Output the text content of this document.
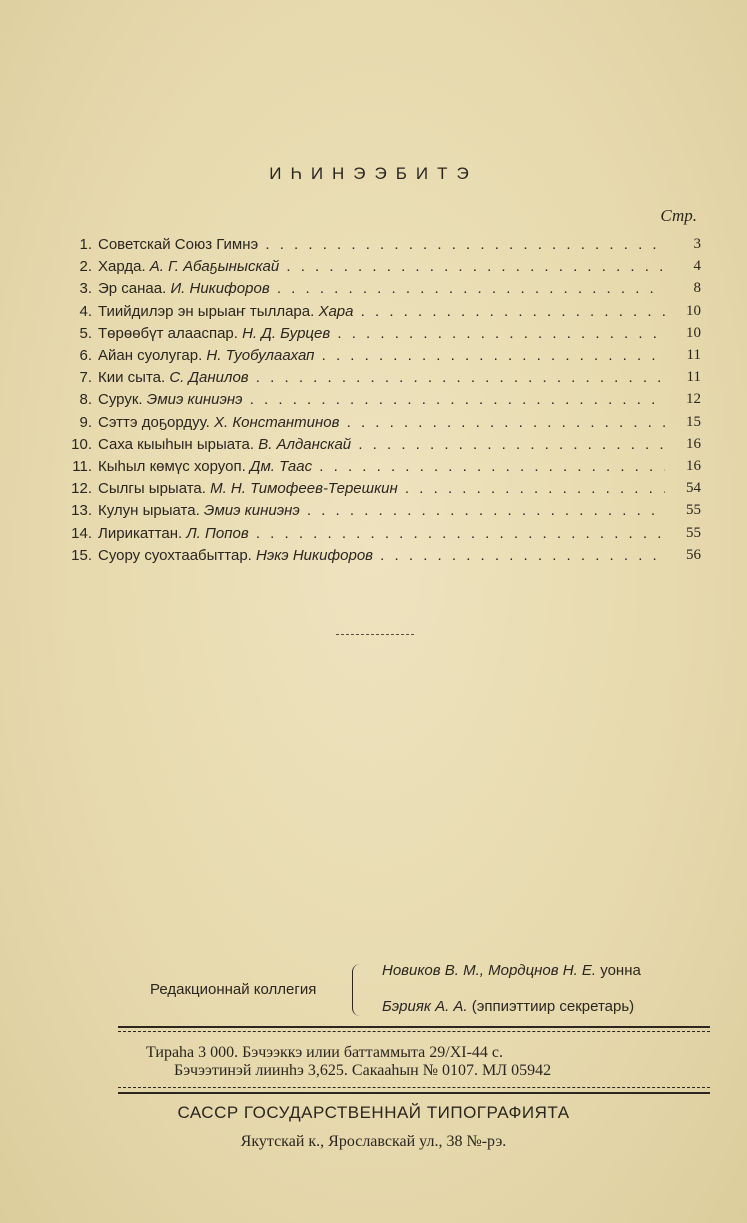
ИҺИНЭЭБИТЭ
Стр.
1. Советскай Союз Гимнэ . . .	3
2. Харда. А. Г. Абаҕыныскай . . .	4
3. Эр санаа. И. Никифоров . . .	8
4. Тиийдилэр эн ырыаҥ тыллара. Хара . . .	10
5. Төрөөбүт алааспар. Н. Д. Бурцев . . .	10
6. Айан суолугар. Н. Туобулаахап . . .	11
7. Кии сыта. С. Данилов . . .	11
8. Сурук. Эмиэ киниэнэ . . .	12
9. Сэттэ доҕордуу. Х. Константинов . . .	15
10. Саха кыыһын ырыата. В. Алданскай . . .	16
11. Кыһыл көмүс хоруоп. Дм. Таас . . .	16
12. Сылгы ырыата. М. Н. Тимофеев-Терешкин . . .	54
13. Кулун ырыата. Эмиэ киниэнэ . . .	55
14. Лирикаттан. Л. Попов . . .	55
15. Суору суохтаабыттар. Нэкэ Никифоров . . .	56
Редакционнай коллегия
Новиков В. М., Мордцнов Н. Е. уонна
Бэрияк А. А. (эппиэттиир секретарь)
Тираһа 3 000. Бэчээккэ илии баттаммыта 29/XI-44 с.
Бэчээтинэй лиинһэ 3,625. Сакааһын № 0107. МЛ 05942
САССР ГОСУДАРСТВЕННАЙ ТИПОГРАФИЯТА
Якутскай к., Ярославскай ул., 38 №-рэ.
